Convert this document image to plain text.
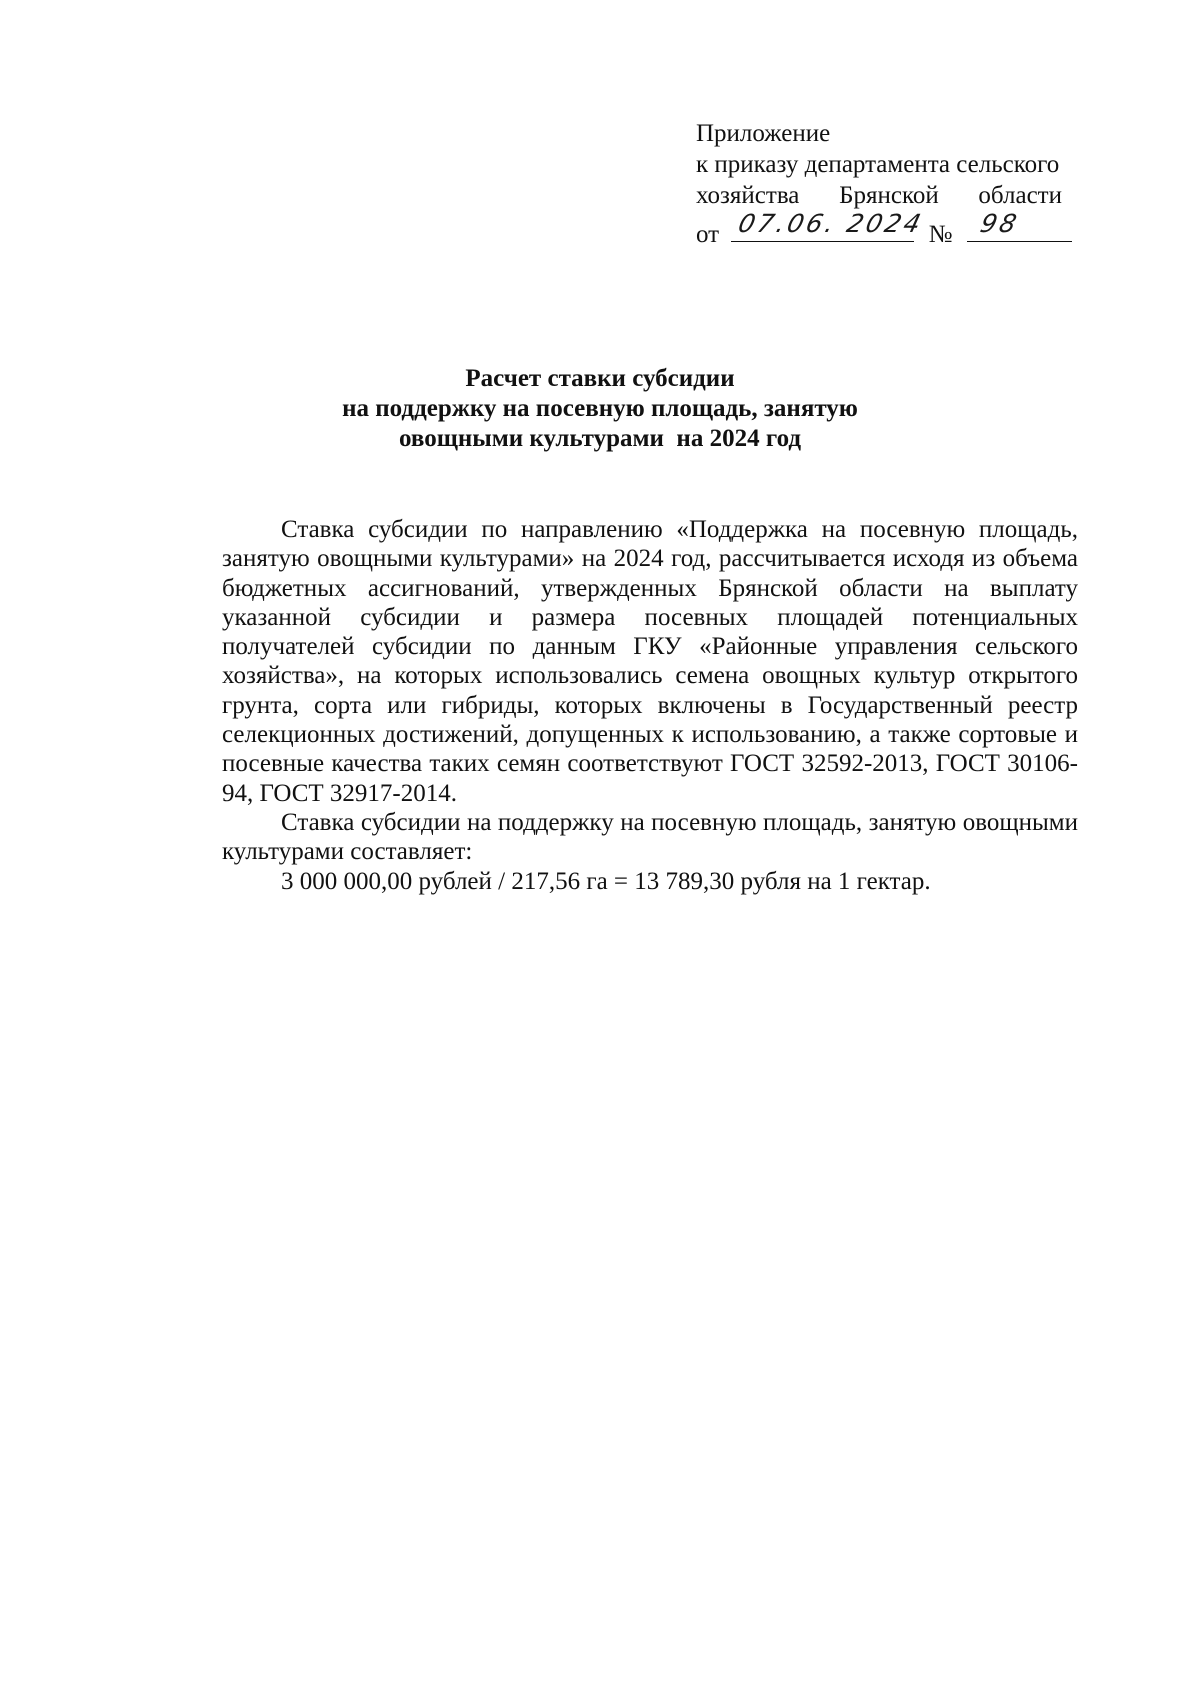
Приложение
к приказу департамента сельского
хозяйства Брянской области
от 07.06. 2024 № 98
Расчет ставки субсидии
на поддержку на посевную площадь, занятую
овощными культурами  на 2024 год

Ставка субсидии по направлению «Поддержка на посевную площадь, занятую овощными культурами» на 2024 год, рассчитывается исходя из объема бюджетных ассигнований, утвержденных Брянской области на выплату указанной субсидии и размера посевных площадей потенциальных получателей субсидии по данным ГКУ «Районные управления сельского хозяйства», на которых использовались семена овощных культур открытого грунта, сорта или гибриды, которых включены в Государственный реестр селекционных достижений, допущенных к использованию, а также сортовые и посевные качества таких семян соответствуют ГОСТ 32592-2013, ГОСТ 30106-94, ГОСТ 32917-2014.

Ставка субсидии на поддержку на посевную площадь, занятую овощными культурами составляет:

3 000 000,00 рублей / 217,56 га = 13 789,30 рубля на 1 гектар.
